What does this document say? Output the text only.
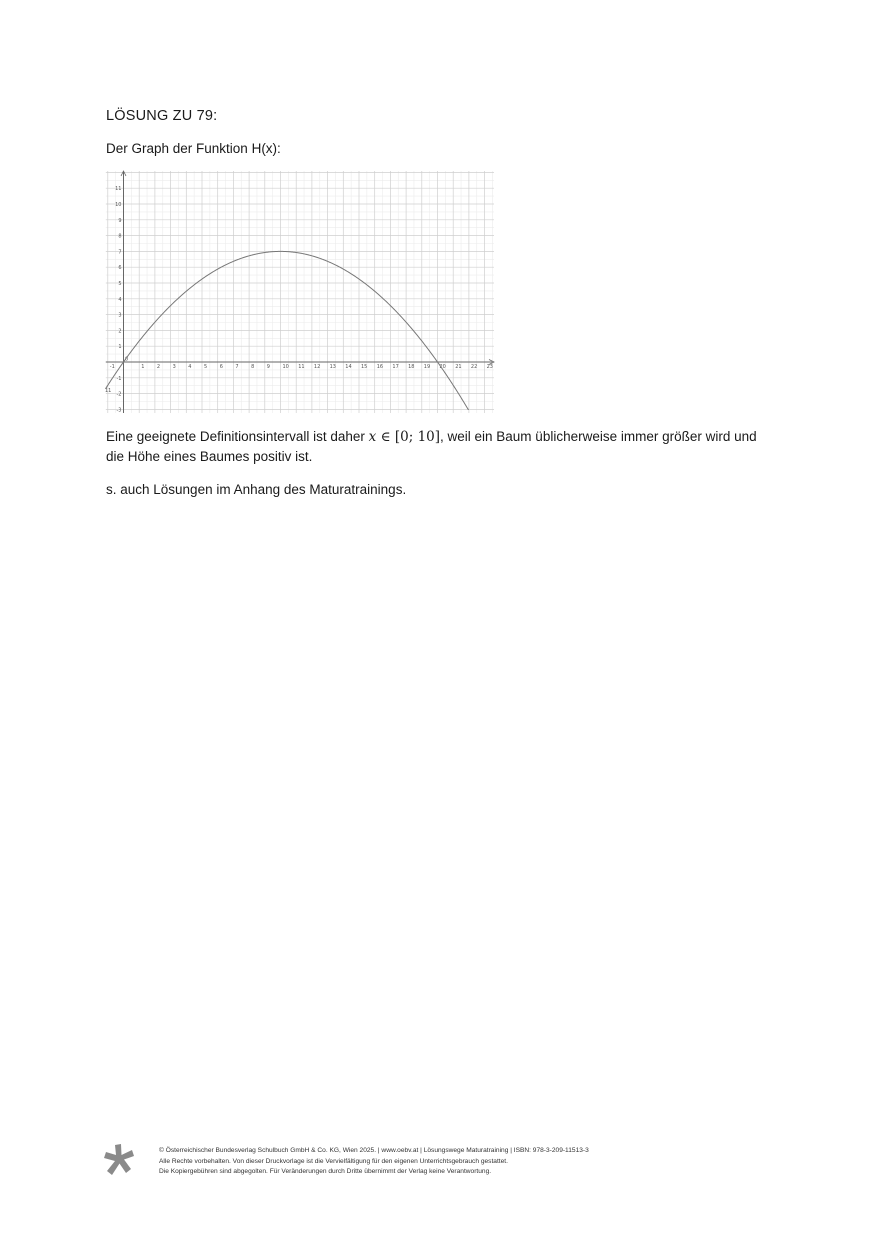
LÖSUNG ZU 79:
Der Graph der Funktion H(x):
-1	1	2	3	4	5	6	7	8	9	10 11 12 13 14 15 16 17 18 19 20 21 22 23
0
-3
-2
-1
1
2
3
4
5
6
7
8
9
10
11
11
Eine geeignete Definitionsintervall ist daher x ∈ [0; 10], weil ein Baum üblicherweise immer größer wird und
die Höhe eines Baumes positiv ist.
s. auch Lösungen im Anhang des Maturatrainings.
© Österreichischer Bundesverlag Schulbuch GmbH & Co. KG, Wien 2025. | www.oebv.at | Lösungswege Maturatraining | ISBN: 978-3-209-11513-3
Alle Rechte vorbehalten. Von dieser Druckvorlage ist die Vervielfältigung für den eigenen Unterrichtsgebrauch gestattet.
Die Kopiergebühren sind abgegolten. Für Veränderungen durch Dritte übernimmt der Verlag keine Verantwortung.
